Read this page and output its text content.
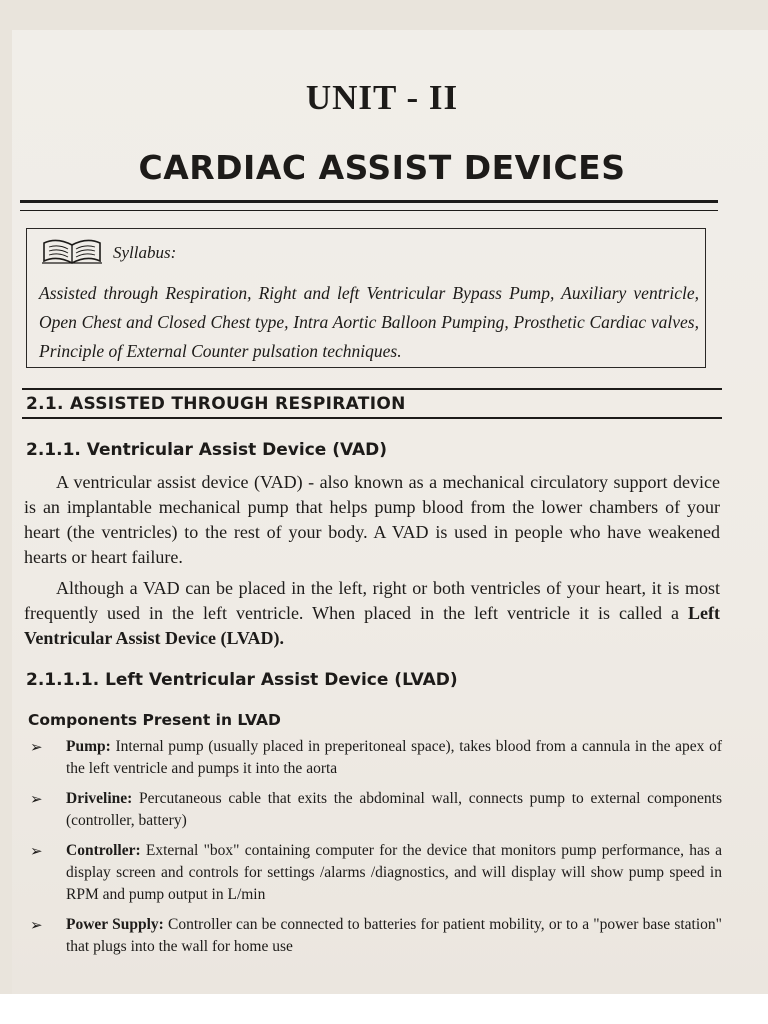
UNIT - II
CARDIAC ASSIST DEVICES
Syllabus:
Assisted through Respiration, Right and left Ventricular Bypass Pump, Auxiliary ventricle, Open Chest and Closed Chest type, Intra Aortic Balloon Pumping, Prosthetic Cardiac valves, Principle of External Counter pulsation techniques.
2.1. ASSISTED THROUGH RESPIRATION
2.1.1. Ventricular Assist Device (VAD)
A ventricular assist device (VAD) - also known as a mechanical circulatory support device is an implantable mechanical pump that helps pump blood from the lower chambers of your heart (the ventricles) to the rest of your body. A VAD is used in people who have weakened hearts or heart failure.
Although a VAD can be placed in the left, right or both ventricles of your heart, it is most frequently used in the left ventricle. When placed in the left ventricle it is called a Left Ventricular Assist Device (LVAD).
2.1.1.1. Left Ventricular Assist Device (LVAD)
Components Present in LVAD
➢ Pump: Internal pump (usually placed in preperitoneal space), takes blood from a cannula in the apex of the left ventricle and pumps it into the aorta
➢ Driveline: Percutaneous cable that exits the abdominal wall, connects pump to external components (controller, battery)
➢ Controller: External "box" containing computer for the device that monitors pump performance, has a display screen and controls for settings /alarms /diagnostics, and will display will show pump speed in RPM and pump output in L/min
➢ Power Supply: Controller can be connected to batteries for patient mobility, or to a "power base station" that plugs into the wall for home use
